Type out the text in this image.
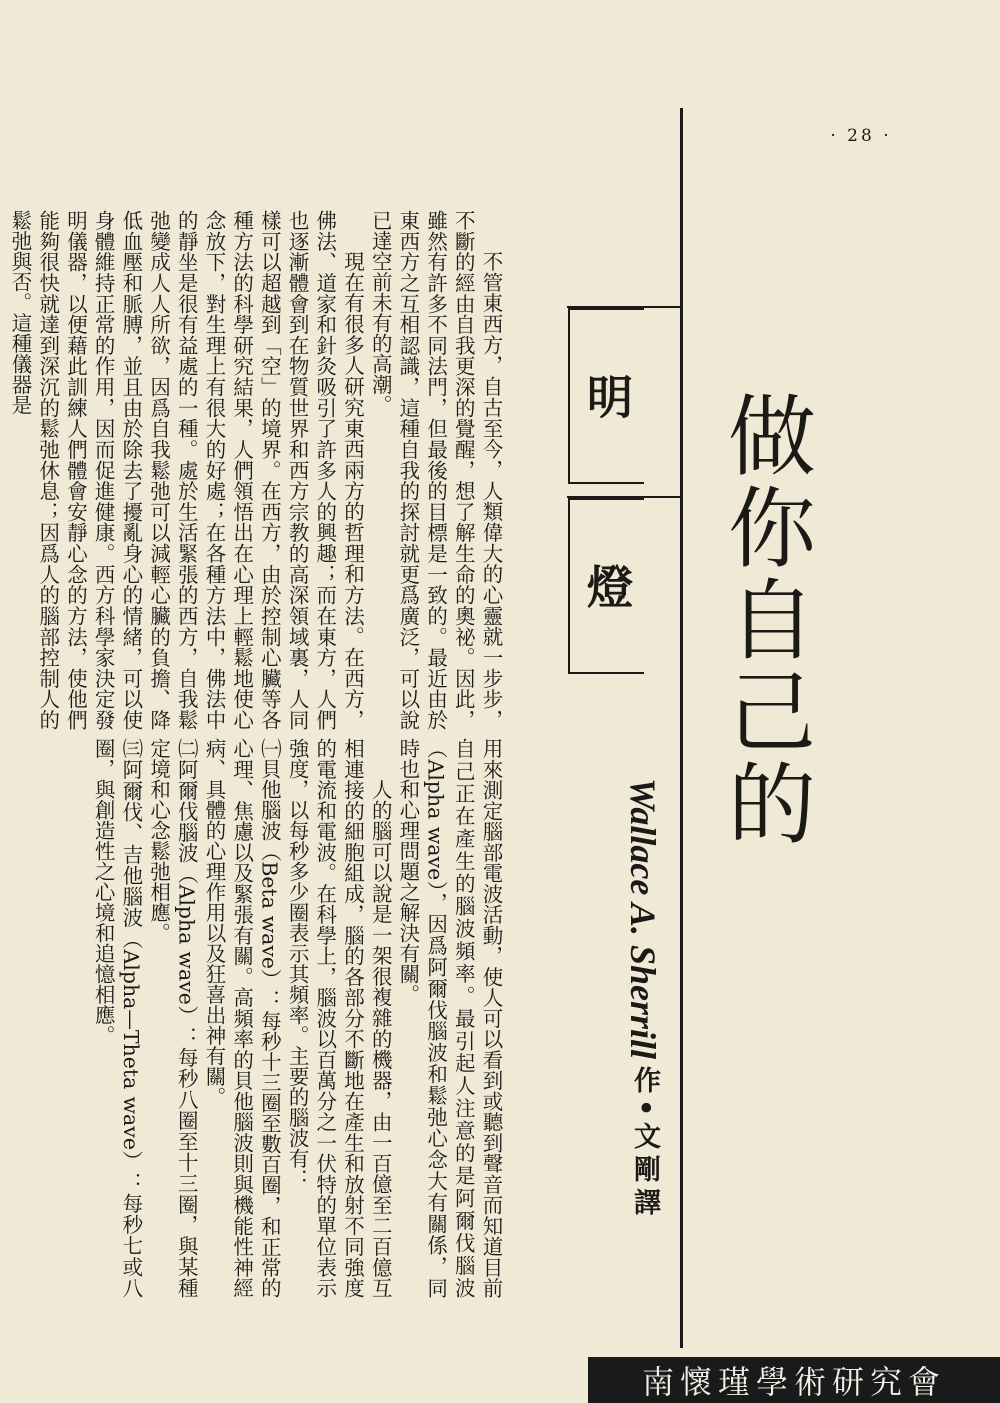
· 28 ·
明
燈 做你自己的
Wallace A. Sherrill
作•文剛譯

不管東西方，自古至今，人類偉大的心靈就一步步，不斷的經由自我更深的覺醒，想了解生命的奧祕。因此，雖然有許多不同法門，但最後的目標是一致的。最近由於東西方之互相認識，這種自我的探討就更爲廣泛，可以說已達空前未有的高潮。

現在有很多人研究東西兩方的哲理和方法。在西方，佛法、道家和針灸吸引了許多人的興趣；而在東方，人們也逐漸體會到在物質世界和西方宗教的高深領域裏，人同樣可以超越到「空」的境界。在西方，由於控制心臟等各種方法的科學研究結果，人們領悟出在心理上輕鬆地使心念放下，對生理上有很大的好處；在各種方法中，佛法中的靜坐是很有益處的一種。處於生活緊張的西方，自我鬆弛變成人人所欲，因爲自我鬆弛可以減輕心臟的負擔、降低血壓和脈膊，並且由於除去了擾亂身心的情緒，可以使身體維持正常的作用，因而促進健康。西方科學家決定發明儀器，以便藉此訓練人們體會安靜心念的方法，使他們能夠很快就達到深沉的鬆弛休息；因爲人的腦部控制人的鬆弛與否。這種儀器是

用來測定腦部電波活動，使人可以看到或聽到聲音而知道目前自己正在產生的腦波頻率。最引起人注意的是阿爾伐腦波（Alpha wave），因爲阿爾伐腦波和鬆弛心念大有關係，同時也和心理問題之解決有關。

人的腦可以說是一架很複雜的機器，由一百億至二百億互相連接的細胞組成，腦的各部分不斷地在產生和放射不同強度的電流和電波。在科學上，腦波以百萬分之一伏特的單位表示強度，以每秒多少圈表示其頻率。主要的腦波有：

㈠貝他腦波（Beta wave）：每秒十三圈至數百圈，和正常的心理、焦慮以及緊張有關。高頻率的貝他腦波則與機能性神經病、具體的心理作用以及狂喜出神有關。

㈡阿爾伐腦波（Alpha wave）：每秒八圈至十三圈，與某種定境和心念鬆弛相應。

㈢阿爾伐、吉他腦波（Alpha—Theta wave）：每秒七或八圈，與創造性之心境和追憶相應。

南懷瑾學術研究會
